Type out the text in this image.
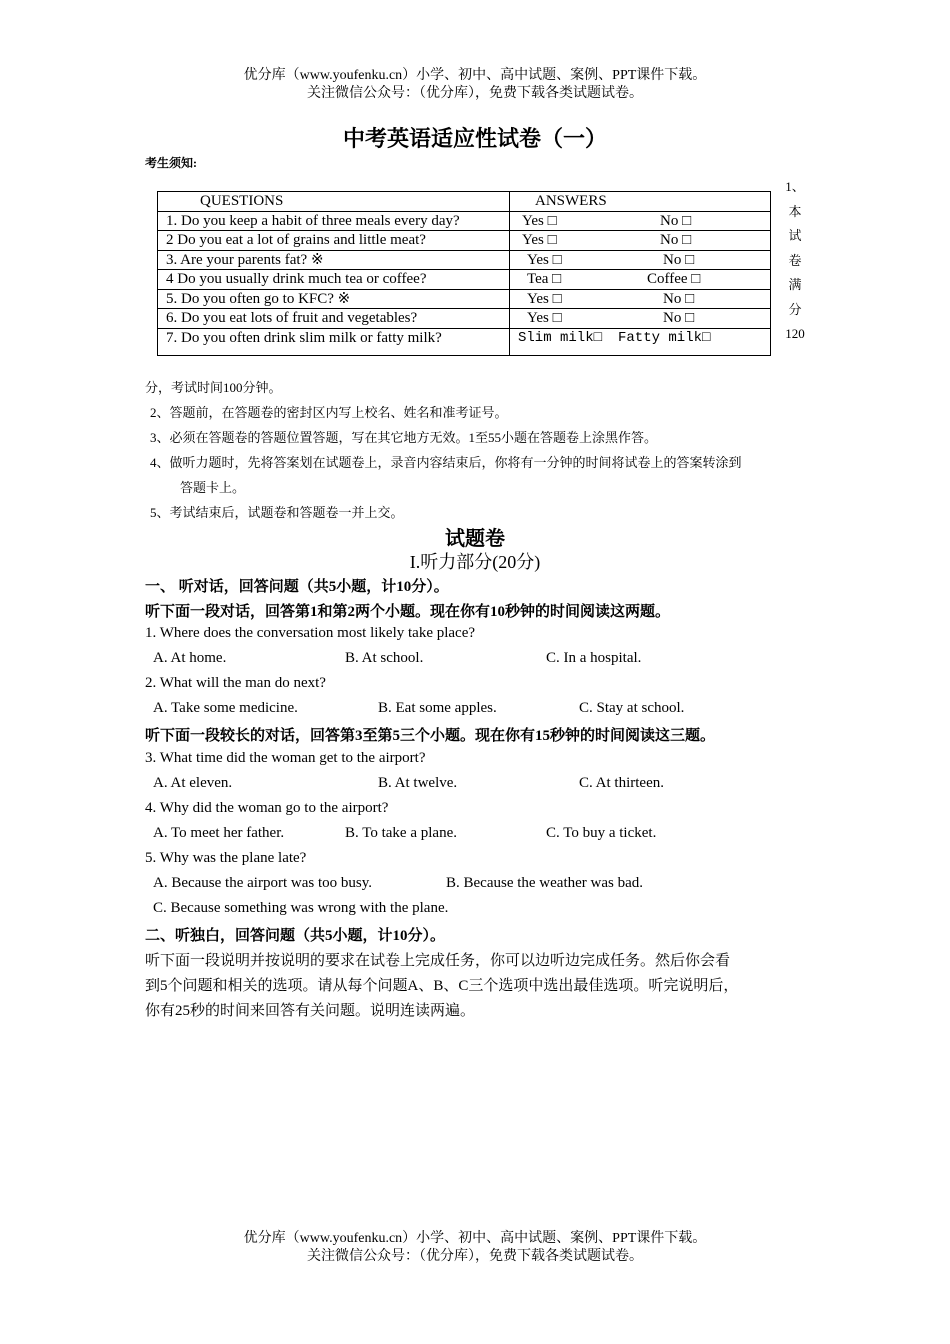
优分库（www.youfenku.cn）小学、初中、高中试题、案例、PPT课件下载。
关注微信公众号：（优分库），免费下载各类试题试卷。
中考英语适应性试卷（一）
考生须知:
QUESTIONS	ANSWERS
1. Do you keep a habit of three meals every day?	Yes □ No □
2 Do you eat a lot of grains and little meat?	Yes □ No □
3. Are your parents fat? ※	Yes □ No □
4 Do you usually drink much tea or coffee?	Tea □ Coffee □
5. Do you often go to KFC? ※	Yes □ No □
6. Do you eat lots of fruit and vegetables?	Yes □ No □
7. Do you often drink slim milk or fatty milk?	Slim milk□ Fatty milk□
1、本试卷满分120
分，考试时间100分钟。
2、答题前，在答题卷的密封区内写上校名、姓名和准考证号。
3、必须在答题卷的答题位置答题，写在其它地方无效。1至55小题在答题卷上涂黑作答。
4、做听力题时，先将答案划在试题卷上，录音内容结束后，你将有一分钟的时间将试卷上的答案转涂到
答题卡上。
5、考试结束后，试题卷和答题卷一并上交。
试题卷
I.听力部分(20分)
一、 听对话，回答问题（共5小题，计10分）。
听下面一段对话，回答第1和第2两个小题。现在你有10秒钟的时间阅读这两题。
1. Where does the conversation most likely take place?
A. At home.	B. At school.	C. In a hospital.
2. What will the man do next?
A. Take some medicine.	B. Eat some apples.	C. Stay at school.
听下面一段较长的对话，回答第3至第5三个小题。现在你有15秒钟的时间阅读这三题。
3. What time did the woman get to the airport?
A. At eleven.	B. At twelve.	C. At thirteen.
4. Why did the woman go to the airport?
A. To meet her father.	B. To take a plane.	C. To buy a ticket.
5. Why was the plane late?
A. Because the airport was too busy.	B. Because the weather was bad.
C. Because something was wrong with the plane.
二、听独白，回答问题（共5小题，计10分）。
听下面一段说明并按说明的要求在试卷上完成任务，你可以边听边完成任务。然后你会看
到5个问题和相关的选项。请从每个问题A、B、C三个选项中选出最佳选项。听完说明后，
你有25秒的时间来回答有关问题。说明连读两遍。
优分库（www.youfenku.cn）小学、初中、高中试题、案例、PPT课件下载。
关注微信公众号：（优分库），免费下载各类试题试卷。
